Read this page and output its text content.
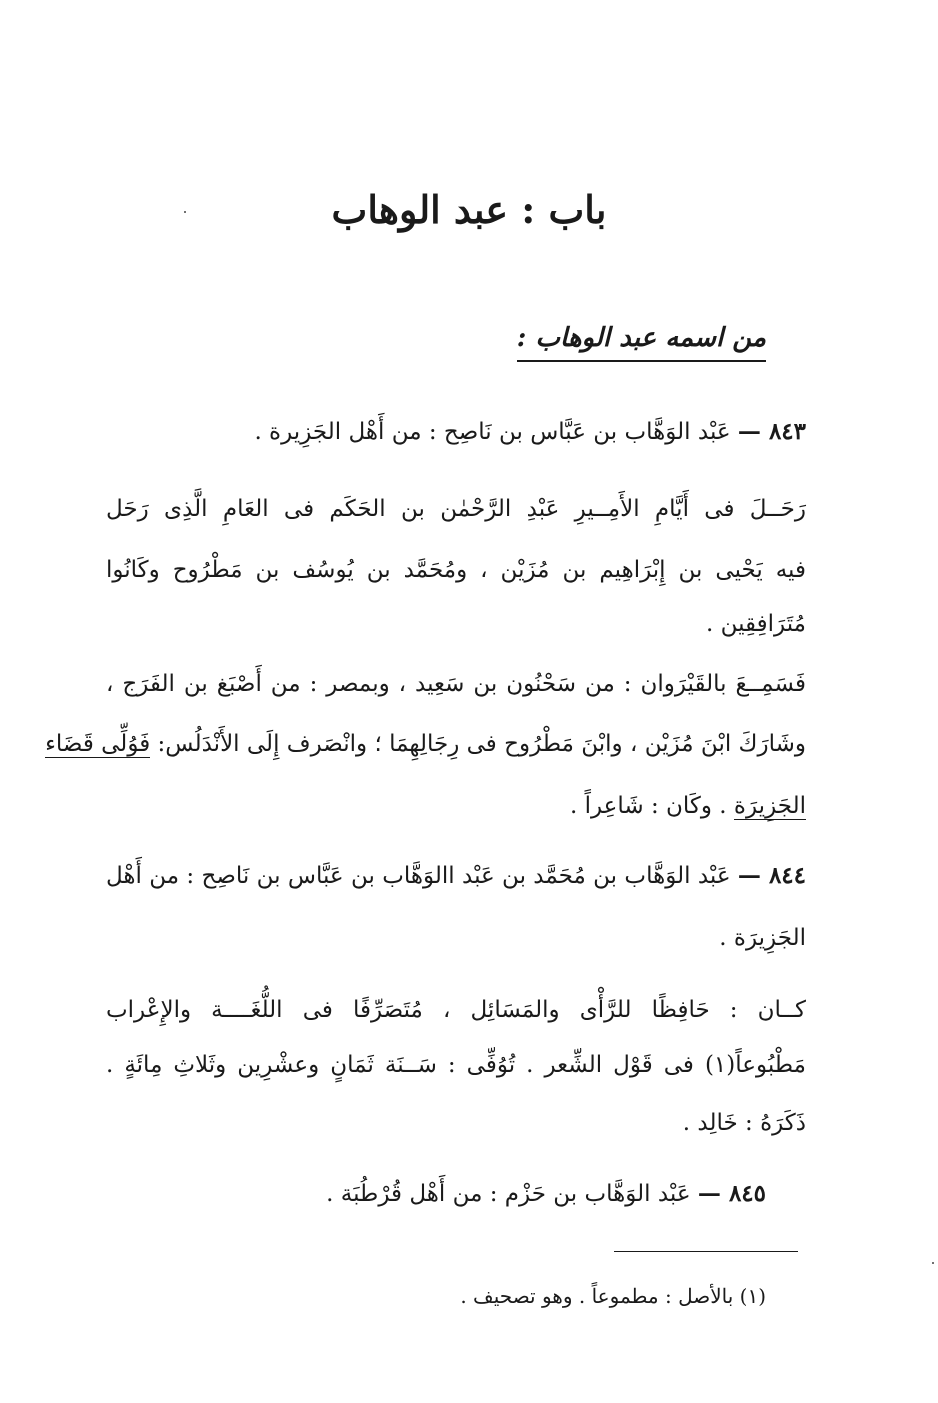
باب : عبد الوهاب
من اسمه عبد الوهاب :
٨٤٣ — عَبْد الوَهَّاب بن عَبَّاس بن نَاصِح : من أَهْل الجَزِيرة .
رَحَــلَ فى أَيَّامِ الأَمِــيرِ عَبْدِ الرَّحْمٰن بن الحَكَم فى العَامِ الَّذِى رَحَل
فيه يَحْيى بن إِبْرَاهِيم بن مُزَيْن ، ومُحَمَّد بن يُوسُف بن مَطْرُوح وكَانُوا
مُتَرَافِقِين .
فَسَمِــعَ بالقَيْرَوان : من سَحْنُون بن سَعِيد ، وبمصر : من أَصْبَغ بن الفَرَج ،
وشَارَكَ ابْنَ مُزَيْن ، وابْنَ مَطْرُوح فى رِجَالِهِمَا ؛ وانْصَرف إِلَى الأَنْدَلُس: فَوُلِّى قَضَاء
الجَزِيرَة . وكَان : شَاعِراً .
٨٤٤ — عَبْد الوَهَّاب بن مُحَمَّد بن عَبْد االوَهَّاب بن عَبَّاس بن نَاصِح : من أَهْل
الجَزِيرَة .
كــان : حَافِظًا للرَّأْى والمَسَائِل ، مُتَصَرِّفًا فى اللُّغَــــة والإِعْراب
مَطْبُوعاً(١) فى قَوْل الشِّعر . تُوُفِّى : سَــنَة ثَمَانٍ وعشْرِين وثَلاثِ مِائَةٍ .
ذَكَرَهُ : خَالِد .
٨٤٥ — عَبْد الوَهَّاب بن حَزْم : من أَهْل قُرْطُبَة .
(١) بالأصل : مطموعاً . وهو تصحيف .
